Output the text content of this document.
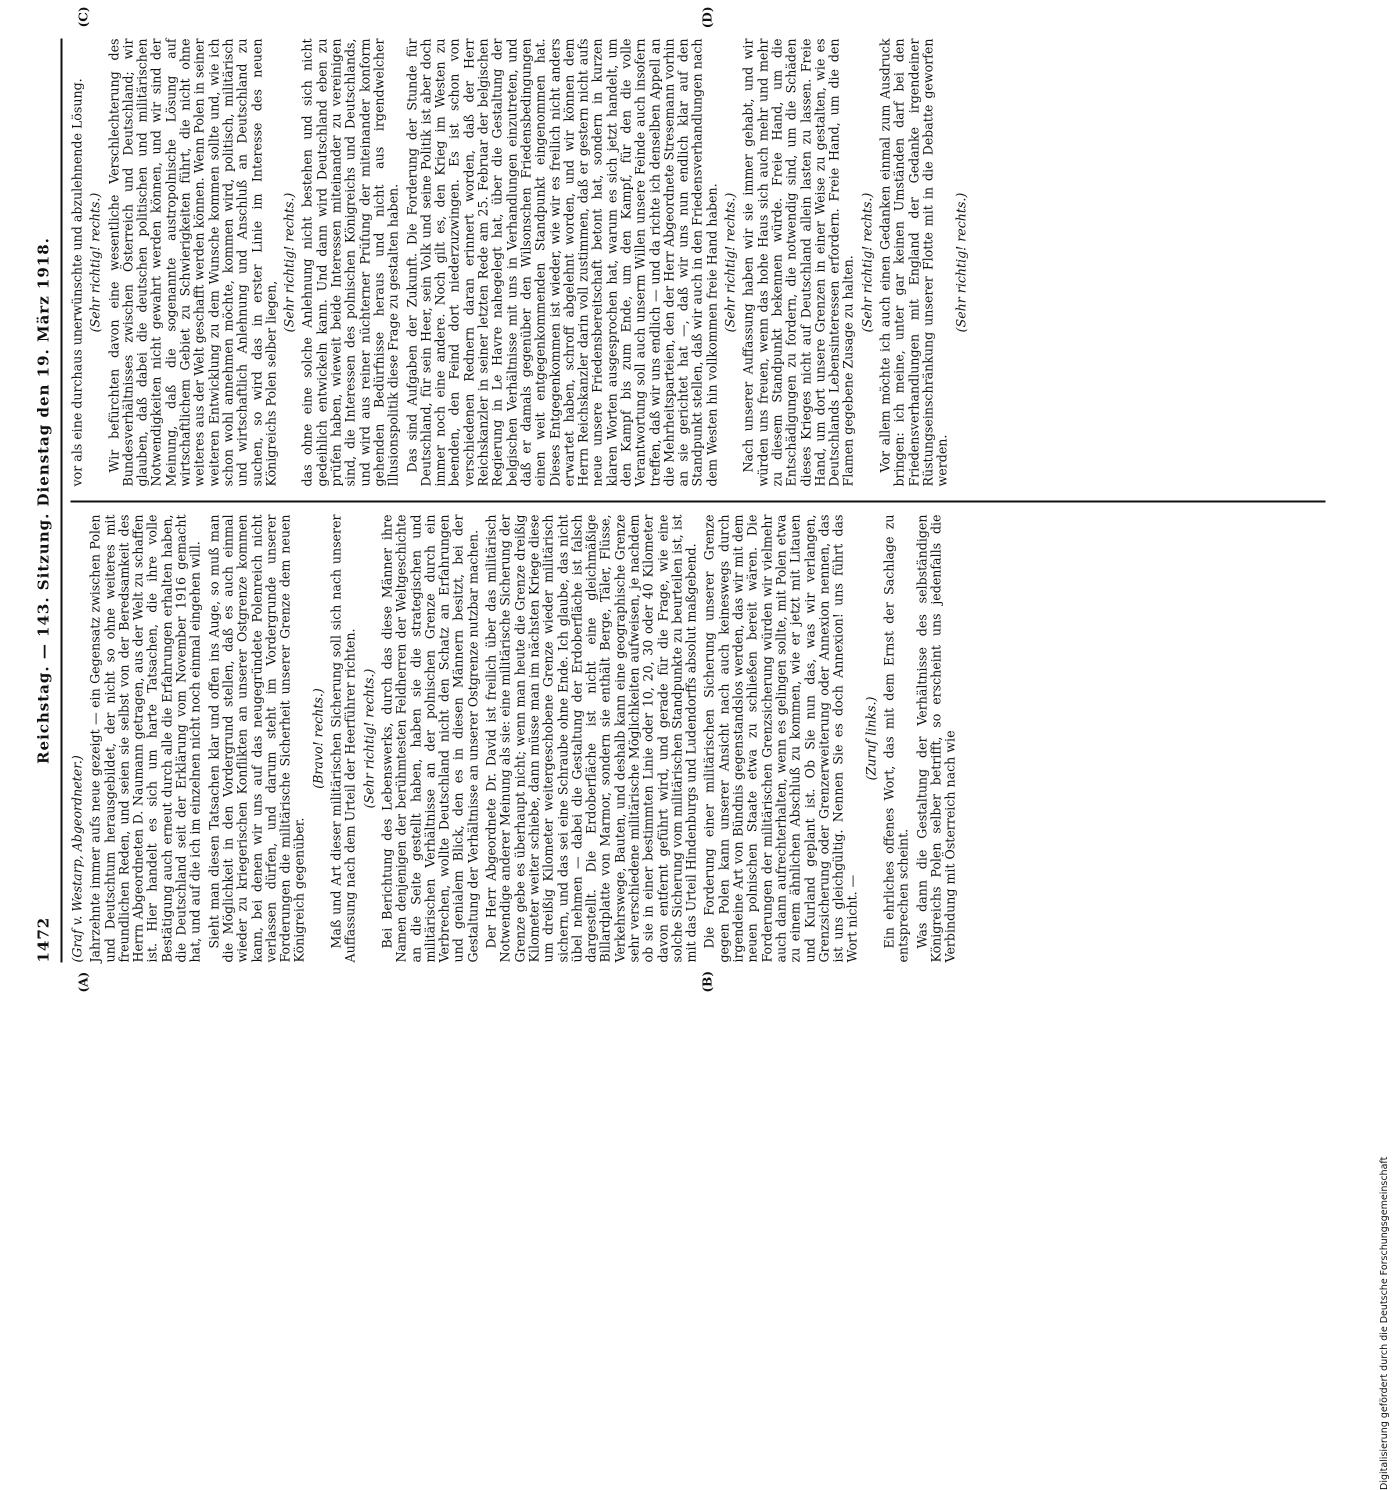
1472
Reichstag. — 143. Sitzung. Dienstag den 19. März 1918.
(A)	(B)
(C)	(D)

(Graf v. Westarp, Abgeordneter.) Jahrzehnte immer aufs neue gezeigt — ein Gegensatz zwischen Polen und Deutschtum herausgebildet, der nicht so ohne weiteres mit freundlichen Reden, und seien sie selbst von der Beredsamkeit des Herrn Abgeordneten D. Naumann getragen, aus der Welt zu schaffen ist. Hier handelt es sich um harte Tatsachen, die ihre volle Bestätigung auch erneut durch alle die Erfahrungen erhalten haben, die Deutschland seit der Erklärung vom November 1916 gemacht hat, und auf die ich im einzelnen nicht noch einmal eingehen will. Sieht man diesen Tatsachen klar und offen ins Auge, so muß man die Möglichkeit in den Vordergrund stellen, daß es auch einmal wieder zu kriegerischen Konflikten an unserer Ostgrenze kommen kann, bei denen wir uns auf das neugegründete Polenreich nicht verlassen dürfen, und darum steht im Vordergrunde unserer Forderungen die militärische Sicherheit unserer Grenze dem neuen Königreich gegenüber.

(Bravo! rechts.) Maß und Art dieser militärischen Sicherung soll sich nach unserer Auffassung nach dem Urteil der Heerführer richten. (Sehr richtig! rechts.) Bei Berichtung des Lebenswerks, durch das diese Männer ihre Namen denjenigen der berühmtesten Feldherren der Weltgeschichte an die Seite gestellt haben, haben sie die strategischen und militärischen Verhältnisse an der polnischen Grenze durch ein Verbrechen, wollte Deutschland nicht den Schatz an Erfahrungen und genialem Blick, den es in diesen Männern besitzt, bei der Gestaltung der Verhältnisse an unserer Ostgrenze nutzbar machen. Der Herr Abgeordnete Dr. David ist freilich über das militärisch Notwendige anderer Meinung als sie: eine militärische Sicherung der Grenze gebe es überhaupt nicht; wenn man heute die Grenze dreißig Kilometer weiter schiebe, dann müsse man im nächsten Kriege diese um dreißig Kilometer weitergeschobene Grenze wieder militärisch sichern, und das sei eine Schraube ohne Ende. Ich glaube, das nicht übel nehmen — dabei die Gestaltung der Erdoberfläche ist falsch dargestellt. Die Erdoberfläche ist nicht eine gleichmäßige Billardplatte von Marmor, sondern sie enthält Berge, Täler, Flüsse, Verkehrswege, Bauten, und deshalb kann eine geographische Grenze sehr verschiedene militärische Möglichkeiten aufweisen, je nachdem ob sie in einer bestimmten Linie oder 10, 20, 30 oder 40 Kilometer davon entfernt geführt wird, und gerade für die Frage, wie eine solche Sicherung vom militärischen Standpunkte zu beurteilen ist, ist mit das Urteil Hindenburgs und Ludendorffs absolut maßgebend. Die Forderung einer militärischen Sicherung unserer Grenze gegen Polen kann unserer Ansicht nach auch keineswegs durch irgendeine Art von Bündnis gegenstandslos werden, das wir mit dem neuen polnischen Staate etwa zu schließen bereit wären. Die Forderungen der militärischen Grenzsicherung würden wir vielmehr auch dann aufrechterhalten, wenn es gelingen sollte, mit Polen etwa zu einem ähnlichen Abschluß zu kommen, wie er jetzt mit Litauen und Kurland geplant ist. Ob Sie nun das, was wir verlangen, Grenzsicherung oder Grenzerweiterung oder Annexion nennen, das ist uns gleichgültig. Nennen Sie es doch Annexion! uns führt das Wort nicht. —

(Zuruf links.) Ein ehrliches offenes Wort, das mit dem Ernst der Sachlage zu entsprechen scheint. Was dann die Gestaltung der Verhältnisse des selbständigen Königreichs Polen selber betrifft, so erscheint uns jedenfalls die Verbindung mit Österreich nach wie

vor als eine durchaus unerwünschte und abzulehnende Lösung. (Sehr richtig! rechts.) Wir befürchten davon eine wesentliche Verschlechterung des Bundesverhältnisses zwischen Österreich und Deutschland; wir glauben, daß dabei die deutschen politischen und militärischen Notwendigkeiten nicht gewahrt werden können, und wir sind der Meinung, daß die sogenannte austropolnische Lösung auf wirtschaftlichem Gebiet zu Schwierigkeiten führt, die nicht ohne weiteres aus der Welt geschafft werden können. Wenn Polen in seiner weiteren Entwicklung zu dem Wunsche kommen sollte und, wie ich schon wohl annehmen möchte, kommen wird, politisch, militärisch und wirtschaftlich Anlehnung und Anschluß an Deutschland zu suchen, so wird das in erster Linie im Interesse des neuen Königreichs Polen selber liegen,

(Sehr richtig! rechts.) das ohne eine solche Anlehnung nicht bestehen und sich nicht gedeihlich entwickeln kann. Und dann wird Deutschland eben zu prüfen haben, wieweit beide Interessen miteinander zu vereinigen sind, die Interessen des polnischen Königreichs und Deutschlands, und wird aus reiner nüchterner Prüfung der miteinander konform gehenden Bedürfnisse heraus und nicht aus irgendwelcher Illusionspolitik diese Frage zu gestalten haben. Das sind Aufgaben der Zukunft. Die Forderung der Stunde für Deutschland, für sein Heer, sein Volk und seine Politik ist aber doch immer noch eine andere. Noch gilt es, den Krieg im Westen zu beenden, den Feind dort niederzuzwingen. Es ist schon von verschiedenen Rednern daran erinnert worden, daß der Herr Reichskanzler in seiner letzten Rede am 25. Februar der belgischen Regierung in Le Havre nahegelegt hat, über die Gestaltung der belgischen Verhältnisse mit uns in Verhandlungen einzutreten, und daß er damals gegenüber den Wilsonschen Friedensbedingungen einen weit entgegenkommenden Standpunkt eingenommen hat. Dieses Entgegenkommen ist wieder, wie wir es freilich nicht anders erwartet haben, schroff abgelehnt worden, und wir können dem Herrn Reichskanzler darin voll zustimmen, daß er gestern nicht aufs neue unsere Friedensbereitschaft betont hat, sondern in kurzen klaren Worten ausgesprochen hat, warum es sich jetzt handelt, um den Kampf bis zum Ende, um den Kampf, für den die volle Verantwortung soll auch unserm Willen unsere Feinde auch insofern treffen, daß wir uns endlich — und da richte ich denselben Appell an die Mehrheitsparteien, den der Herr Abgeordnete Stresemann vorhin an sie gerichtet hat —, daß wir uns nun endlich klar auf den Standpunkt stellen, daß wir auch in den Friedensverhandlungen nach dem Westen hin vollkommen freie Hand haben. (Sehr richtig! rechts.) Nach unserer Auffassung haben wir sie immer gehabt, und wir würden uns freuen, wenn das hohe Haus sich auch mehr und mehr zu diesem Standpunkt bekennen würde. Freie Hand, um die Entschädigungen zu fordern, die notwendig sind, um die Schäden dieses Krieges nicht auf Deutschland allein lasten zu lassen. Freie Hand, um dort unsere Grenzen in einer Weise zu gestalten, wie es Deutschlands Lebensinteressen erfordern. Freie Hand, um die den Flamen gegebene Zusage zu halten. (Sehr richtig! rechts.) Vor allem möchte ich auch einen Gedanken einmal zum Ausdruck bringen: ich meine, unter gar keinen Umständen darf bei den Friedensverhandlungen mit England der Gedanke irgendeiner Rüstungseinschränkung unserer Flotte mit in die Debatte geworfen werden.

(Sehr richtig! rechts.)

Digitalisierung gefördert durch die Deutsche Forschungsgemeinschaft
